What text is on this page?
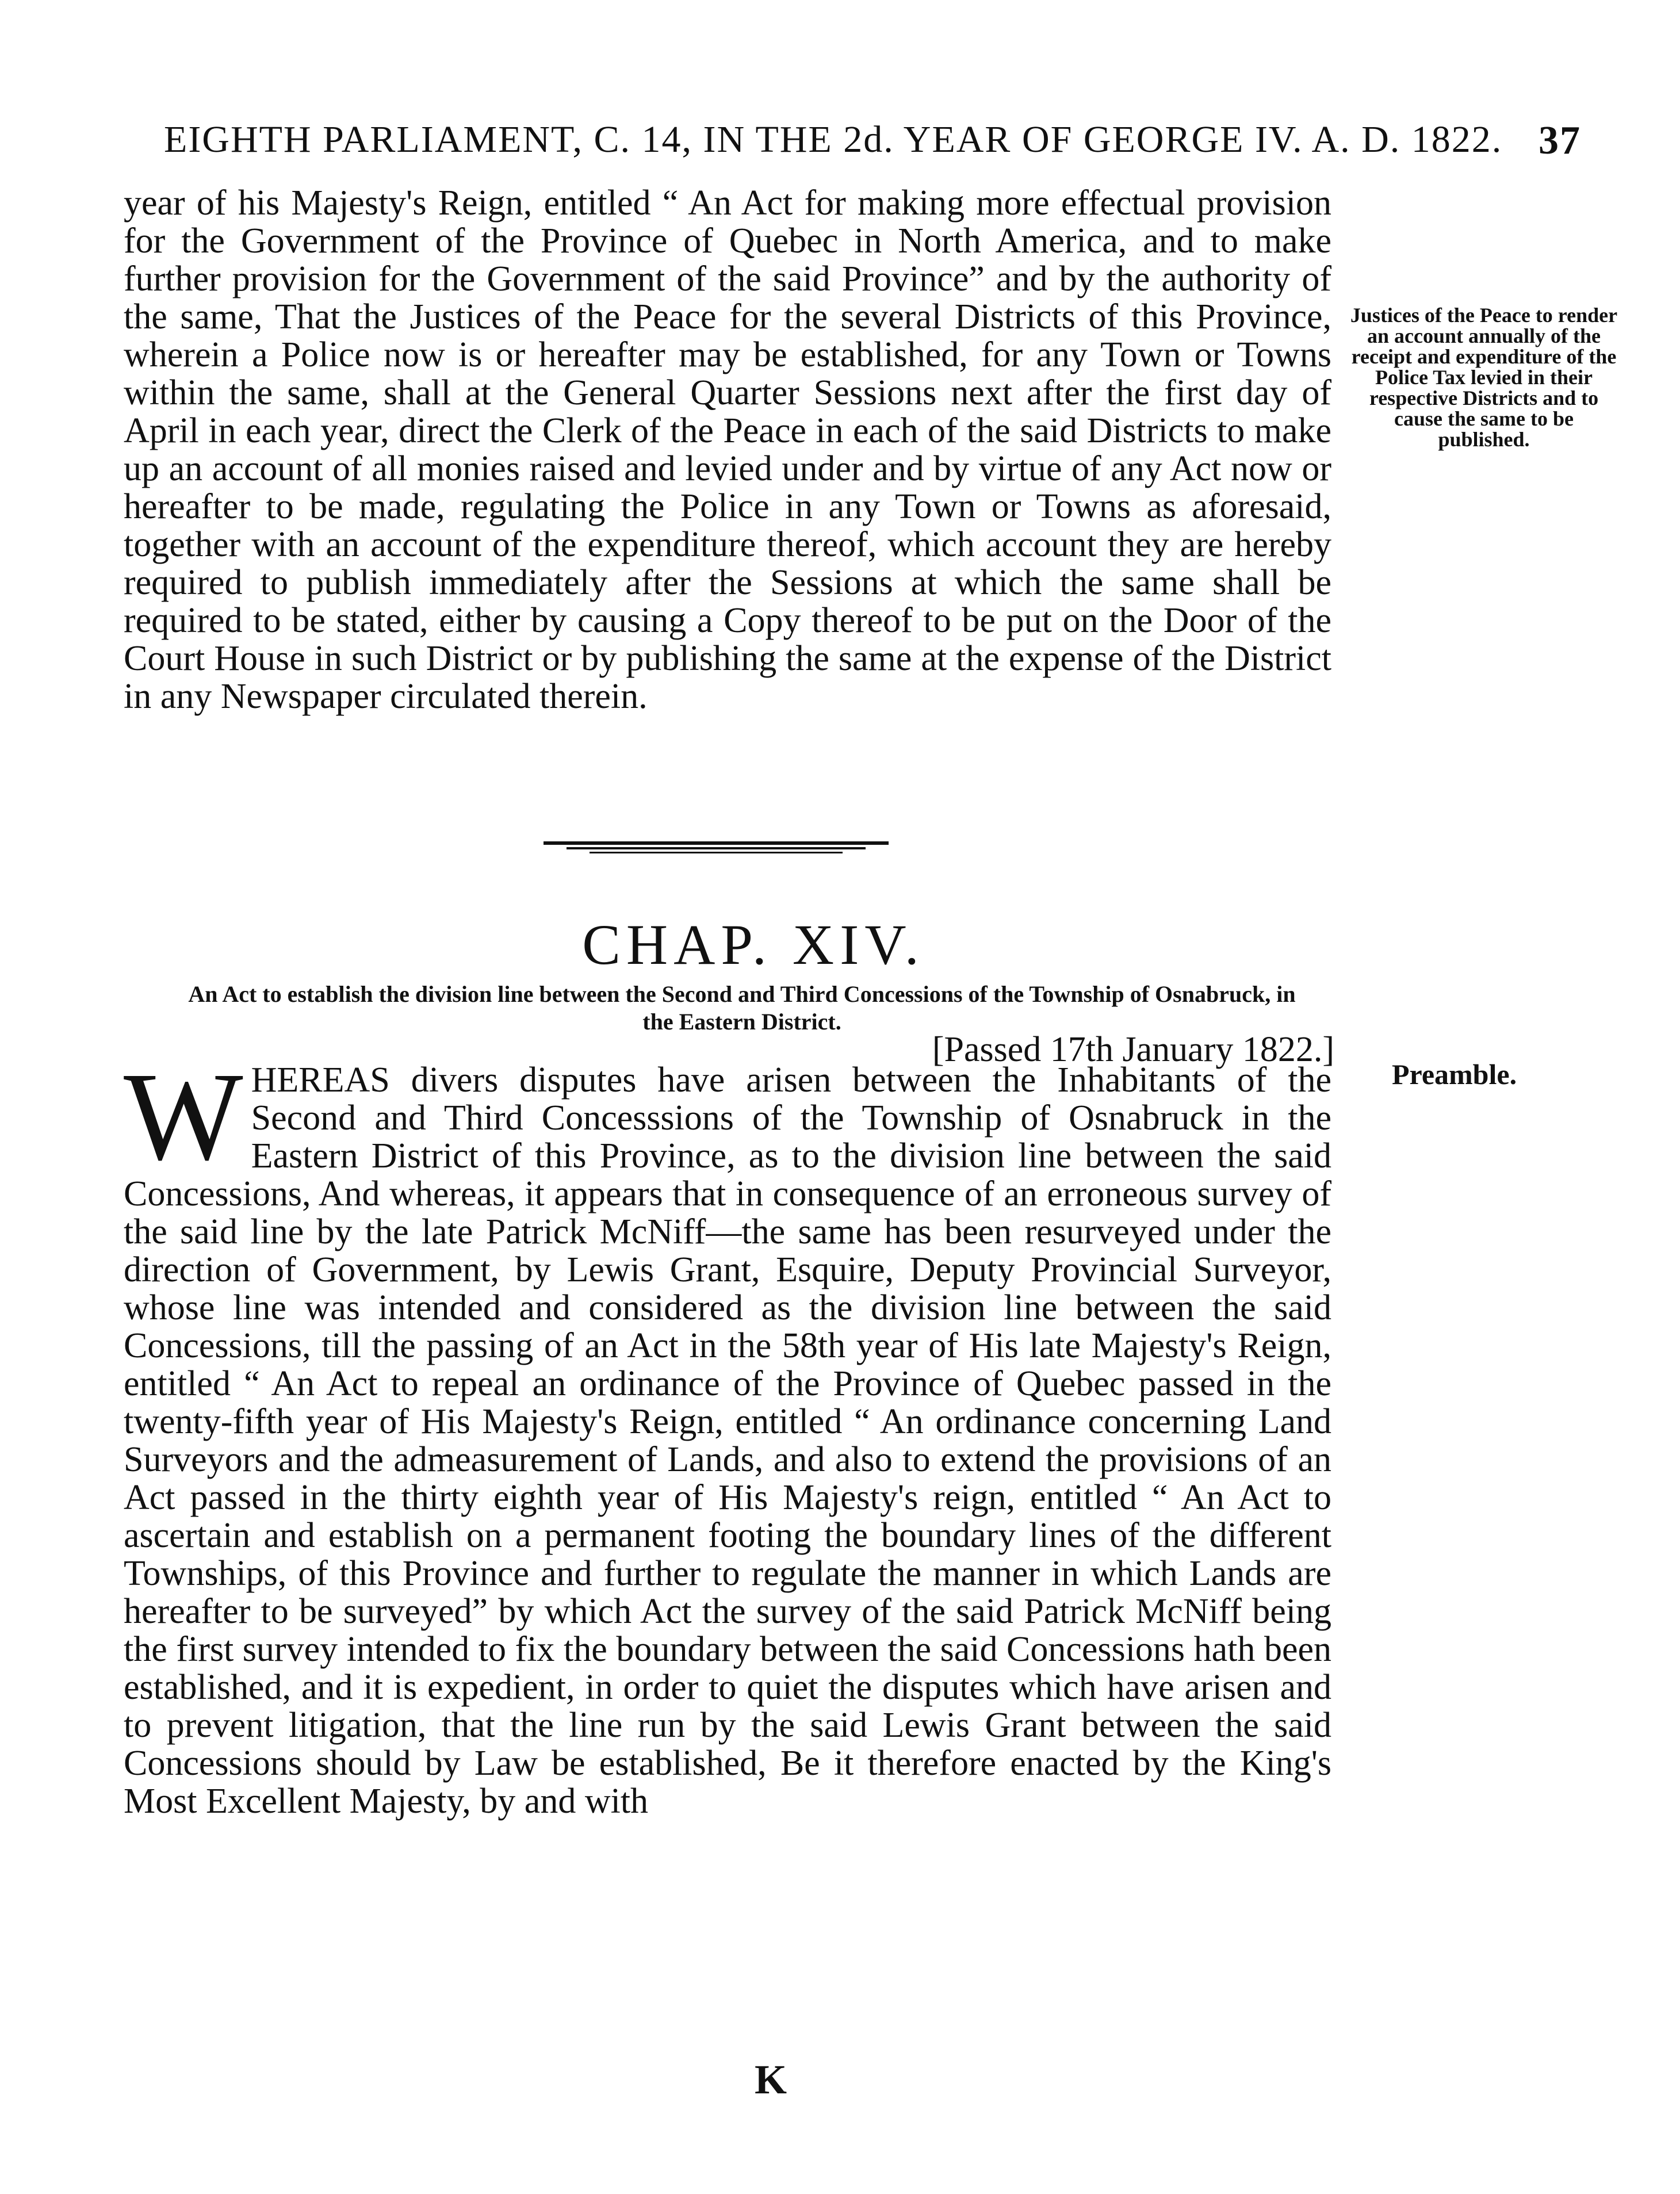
EIGHTH PARLIAMENT, C. 14, IN THE 2d. YEAR OF GEORGE IV. A. D. 1822. 37
year of his Majesty's Reign, entitled “ An Act for making more effectual provision for the Government of the Province of Quebec in North America, and to make further provision for the Government of the said Province” and by the authority of the same, That the Justices of the Peace for the several Districts of this Province, wherein a Police now is or hereafter may be established, for any Town or Towns within the same, shall at the General Quarter Sessions next after the first day of April in each year, direct the Clerk of the Peace in each of the said Districts to make up an account of all monies raised and levied under and by virtue of any Act now or hereafter to be made, regulating the Police in any Town or Towns as aforesaid, together with an account of the expenditure thereof, which account they are hereby required to publish immediately after the Sessions at which the same shall be required to be stated, either by causing a Copy thereof to be put on the Door of the Court House in such District or by publishing the same at the expense of the District in any Newspaper circulated therein.
Justices of the Peace to render an account annually of the receipt and expenditure of the Police Tax levied in their respective Districts and to cause the same to be published.
CHAP. XIV.
An Act to establish the division line between the Second and Third Concessions of the Township of Osnabruck, in the Eastern District.
[Passed 17th January 1822.]
Preamble.
W HEREAS divers disputes have arisen between the Inhabitants of the Second and Third Concesssions of the Township of Osnabruck in the Eastern District of this Province, as to the division line between the said Concessions, And whereas, it appears that in consequence of an erroneous survey of the said line by the late Patrick McNiff—the same has been resurveyed under the direction of Government, by Lewis Grant, Esquire, Deputy Provincial Surveyor, whose line was intended and considered as the division line between the said Concessions, till the passing of an Act in the 58th year of His late Majesty's Reign, entitled “ An Act to repeal an ordinance of the Province of Quebec passed in the twenty-fifth year of His Majesty's Reign, entitled “ An ordinance concerning Land Surveyors and the admeasurement of Lands, and also to extend the provisions of an Act passed in the thirty eighth year of His Majesty's reign, entitled “ An Act to ascertain and establish on a permanent footing the boundary lines of the different Townships, of this Province and further to regulate the manner in which Lands are hereafter to be surveyed” by which Act the survey of the said Patrick McNiff being the first survey intended to fix the boundary between the said Concessions hath been established, and it is expedient, in order to quiet the disputes which have arisen and to prevent litigation, that the line run by the said Lewis Grant between the said Concessions should by Law be established, Be it therefore enacted by the King's Most Excellent Majesty, by and with
K
